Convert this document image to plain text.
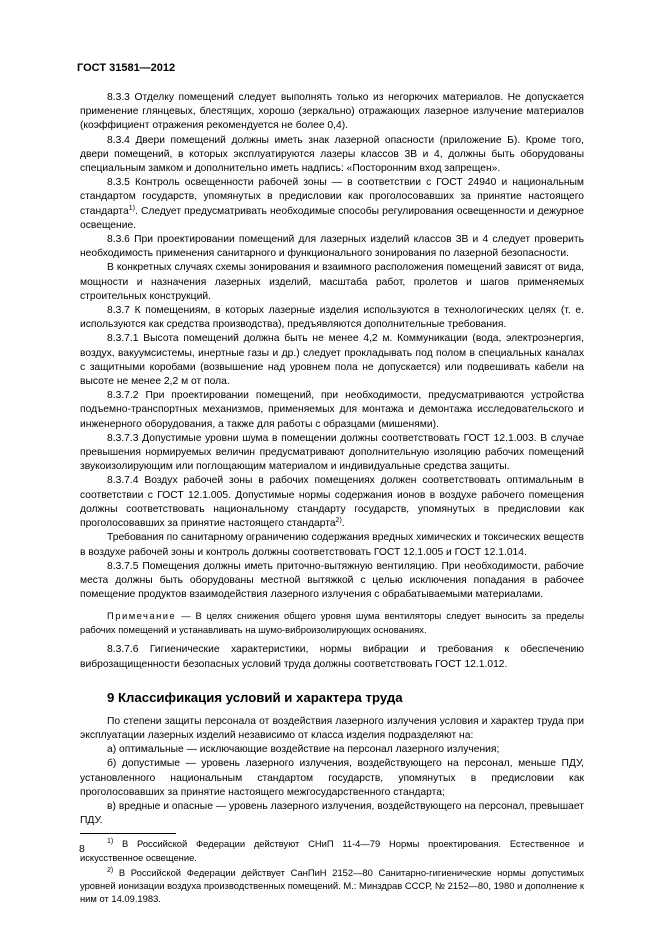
ГОСТ 31581—2012

8.3.3 Отделку помещений следует выполнять только из негорючих материалов. Не допускается применение глянцевых, блестящих, хорошо (зеркально) отражающих лазерное излучение материалов (коэффициент отражения рекомендуется не более 0,4).

8.3.4 Двери помещений должны иметь знак лазерной опасности (приложение Б). Кроме того, двери помещений, в которых эксплуатируются лазеры классов 3В и 4, должны быть оборудованы специальным замком и дополнительно иметь надпись: «Посторонним вход запрещен».

8.3.5 Контроль освещенности рабочей зоны — в соответствии с ГОСТ 24940 и национальным стандартом государств, упомянутых в предисловии как проголосовавших за принятие настоящего стандарта$^{1)}$. Следует предусматривать необходимые способы регулирования освещенности и дежурное освещение.

8.3.6 При проектировании помещений для лазерных изделий классов 3В и 4 следует проверить необходимость применения санитарного и функционального зонирования по лазерной безопасности.

В конкретных случаях схемы зонирования и взаимного расположения помещений зависят от вида, мощности и назначения лазерных изделий, масштаба работ, пролетов и шагов применяемых строительных конструкций.

8.3.7 К помещениям, в которых лазерные изделия используются в технологических целях (т. е. используются как средства производства), предъявляются дополнительные требования.

8.3.7.1 Высота помещений должна быть не менее 4,2 м. Коммуникации (вода, электроэнергия, воздух, вакуумсистемы, инертные газы и др.) следует прокладывать под полом в специальных каналах с защитными коробами (возвышение над уровнем пола не допускается) или подвешивать кабели на высоте не менее 2,2 м от пола.

8.3.7.2 При проектировании помещений, при необходимости, предусматриваются устройства подъемно-транспортных механизмов, применяемых для монтажа и демонтажа исследовательского и инженерного оборудования, а также для работы с образцами (мишенями).

8.3.7.3 Допустимые уровни шума в помещении должны соответствовать ГОСТ 12.1.003. В случае превышения нормируемых величин предусматривают дополнительную изоляцию рабочих помещений звукоизолирующим или поглощающим материалом и индивидуальные средства защиты.

8.3.7.4 Воздух рабочей зоны в рабочих помещениях должен соответствовать оптимальным в соответствии с ГОСТ 12.1.005. Допустимые нормы содержания ионов в воздухе рабочего помещения должны соответствовать национальному стандарту государств, упомянутых в предисловии как проголосовавших за принятие настоящего стандарта$^{2)}$.

Требования по санитарному ограничению содержания вредных химических и токсических веществ в воздухе рабочей зоны и контроль должны соответствовать ГОСТ 12.1.005 и ГОСТ 12.1.014.

8.3.7.5 Помещения должны иметь приточно-вытяжную вентиляцию. При необходимости, рабочие места должны быть оборудованы местной вытяжкой с целью исключения попадания в рабочее помещение продуктов взаимодействия лазерного излучения с обрабатываемыми материалами.

Примечание — В целях снижения общего уровня шума вентиляторы следует выносить за пределы рабочих помещений и устанавливать на шумо-виброизолирующих основаниях.

8.3.7.6 Гигиенические характеристики, нормы вибрации и требования к обеспечению виброзащищенности безопасных условий труда должны соответствовать ГОСТ 12.1.012.

9 Классификация условий и характера труда

По степени защиты персонала от воздействия лазерного излучения условия и характер труда при эксплуатации лазерных изделий независимо от класса изделия подразделяют на:

а) оптимальные — исключающие воздействие на персонал лазерного излучения;

б) допустимые — уровень лазерного излучения, воздействующего на персонал, меньше ПДУ, установленного национальным стандартом государств, упомянутых в предисловии как проголосовавших за принятие настоящего межгосударственного стандарта;

в) вредные и опасные — уровень лазерного излучения, воздействующего на персонал, превышает ПДУ.

$^{1)}$ В Российской Федерации действуют СНиП 11-4—79 Нормы проектирования. Естественное и искусственное освещение.

$^{2)}$ В Российской Федерации действует СанПиН 2152—80 Санитарно-гигиенические нормы допустимых уровней ионизации воздуха производственных помещений. М.: Минздрав СССР, № 2152—80, 1980 и дополнение к ним от 14.09.1983.

8
